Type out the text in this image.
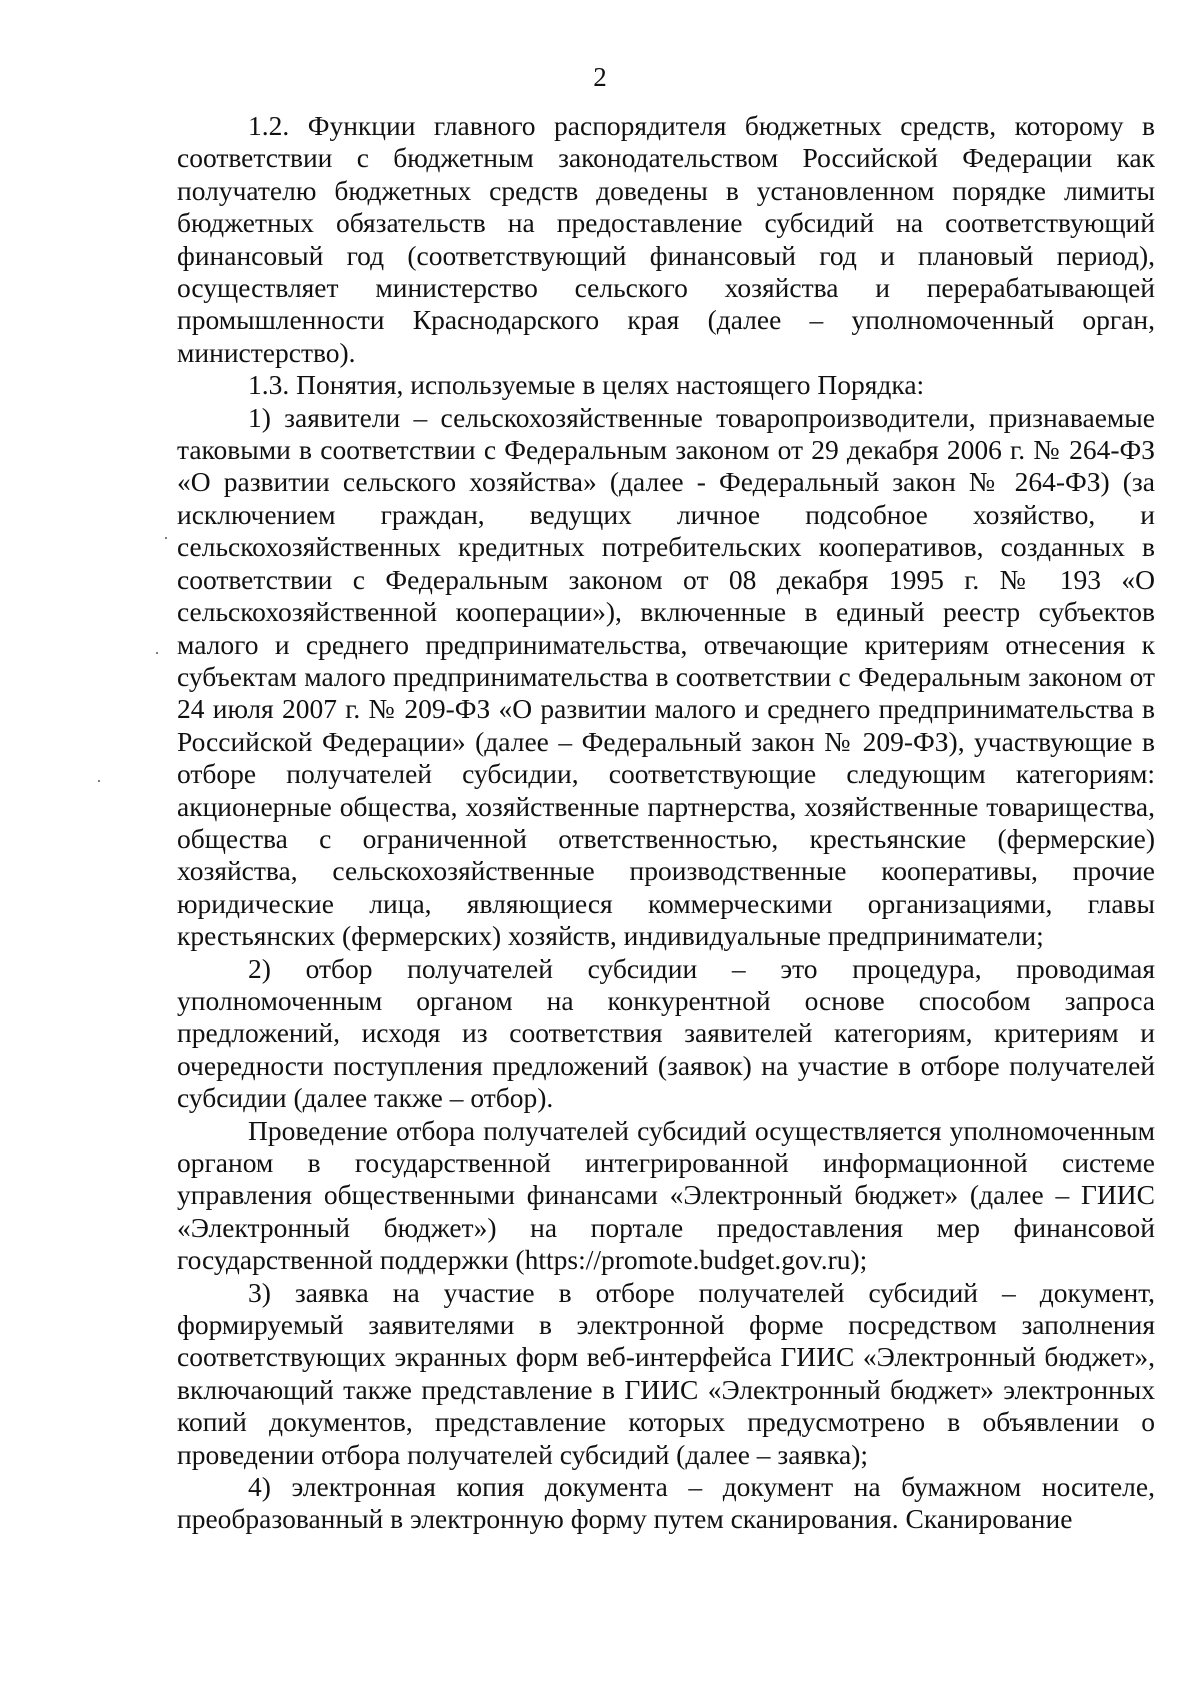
2

1.2. Функции главного распорядителя бюджетных средств, которому в соответствии с бюджетным законодательством Российской Федерации как получателю бюджетных средств доведены в установленном порядке лимиты бюджетных обязательств на предоставление субсидий на соответствующий финансовый год (соответствующий финансовый год и плановый период), осуществляет министерство сельского хозяйства и перерабатывающей промышленности Краснодарского края (далее – уполномоченный орган, министерство).

1.3. Понятия, используемые в целях настоящего Порядка:

1) заявители – сельскохозяйственные товаропроизводители, признаваемые таковыми в соответствии с Федеральным законом от 29 декабря 2006 г. № 264-ФЗ «О развитии сельского хозяйства» (далее - Федеральный закон № 264-ФЗ) (за исключением граждан, ведущих личное подсобное хозяйство, и сельскохозяйственных кредитных потребительских кооперативов, созданных в соответствии с Федеральным законом от 08 декабря 1995 г. № 193 «О сельскохозяйственной кооперации»), включенные в единый реестр субъектов малого и среднего предпринимательства, отвечающие критериям отнесения к субъектам малого предпринимательства в соответствии с Федеральным законом от 24 июля 2007 г. № 209-ФЗ «О развитии малого и среднего предпринимательства в Российской Федерации» (далее – Федеральный закон № 209-ФЗ), участвующие в отборе получателей субсидии, соответствующие следующим категориям: акционерные общества, хозяйственные партнерства, хозяйственные товарищества, общества с ограниченной ответственностью, крестьянские (фермерские) хозяйства, сельскохозяйственные производственные кооперативы, прочие юридические лица, являющиеся коммерческими организациями, главы крестьянских (фермерских) хозяйств, индивидуальные предприниматели;

2) отбор получателей субсидии – это процедура, проводимая уполномоченным органом на конкурентной основе способом запроса предложений, исходя из соответствия заявителей категориям, критериям и очередности поступления предложений (заявок) на участие в отборе получателей субсидии (далее также – отбор).

Проведение отбора получателей субсидий осуществляется уполномоченным органом в государственной интегрированной информационной системе управления общественными финансами «Электронный бюджет» (далее – ГИИС «Электронный бюджет») на портале предоставления мер финансовой государственной поддержки (https://promote.budget.gov.ru);

3) заявка на участие в отборе получателей субсидий – документ, формируемый заявителями в электронной форме посредством заполнения соответствующих экранных форм веб-интерфейса ГИИС «Электронный бюджет», включающий также представление в ГИИС «Электронный бюджет» электронных копий документов, представление которых предусмотрено в объявлении о проведении отбора получателей субсидий (далее – заявка);

4) электронная копия документа – документ на бумажном носителе, преобразованный в электронную форму путем сканирования. Сканирование
